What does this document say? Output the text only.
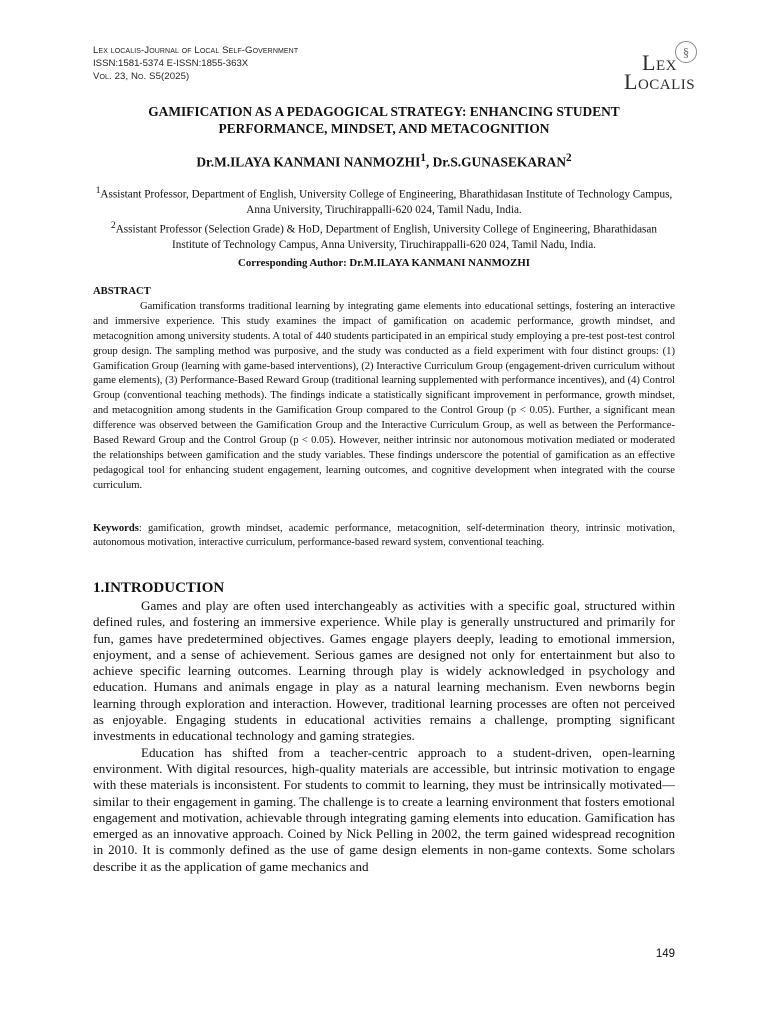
Lex localis-Journal of Local Self-Government
ISSN:1581-5374 E-ISSN:1855-363X
Vol. 23, No. S5(2025)
§
Lex
Localis
GAMIFICATION AS A PEDAGOGICAL STRATEGY: ENHANCING STUDENT PERFORMANCE, MINDSET, AND METACOGNITION
Dr.M.ILAYA KANMANI NANMOZHI$^1$, Dr.S.GUNASEKARAN$^2$
$^1$Assistant Professor, Department of English, University College of Engineering, Bharathidasan Institute of Technology Campus, Anna University, Tiruchirappalli-620 024, Tamil Nadu, India.
$^2$Assistant Professor (Selection Grade) & HoD, Department of English, University College of Engineering, Bharathidasan Institute of Technology Campus, Anna University, Tiruchirappalli-620 024, Tamil Nadu, India.
Corresponding Author: Dr.M.ILAYA KANMANI NANMOZHI
ABSTRACT

Gamification transforms traditional learning by integrating game elements into educational settings, fostering an interactive and immersive experience. This study examines the impact of gamification on academic performance, growth mindset, and metacognition among university students. A total of 440 students participated in an empirical study employing a pre-test post-test control group design. The sampling method was purposive, and the study was conducted as a field experiment with four distinct groups: (1) Gamification Group (learning with game-based interventions), (2) Interactive Curriculum Group (engagement-driven curriculum without game elements), (3) Performance-Based Reward Group (traditional learning supplemented with performance incentives), and (4) Control Group (conventional teaching methods). The findings indicate a statistically significant improvement in performance, growth mindset, and metacognition among students in the Gamification Group compared to the Control Group (p < 0.05). Further, a significant mean difference was observed between the Gamification Group and the Interactive Curriculum Group, as well as between the Performance-Based Reward Group and the Control Group (p < 0.05). However, neither intrinsic nor autonomous motivation mediated or moderated the relationships between gamification and the study variables. These findings underscore the potential of gamification as an effective pedagogical tool for enhancing student engagement, learning outcomes, and cognitive development when integrated with the course curriculum.

Keywords: gamification, growth mindset, academic performance, metacognition, self-determination theory, intrinsic motivation, autonomous motivation, interactive curriculum, performance-based reward system, conventional teaching.

1.INTRODUCTION

Games and play are often used interchangeably as activities with a specific goal, structured within defined rules, and fostering an immersive experience. While play is generally unstructured and primarily for fun, games have predetermined objectives. Games engage players deeply, leading to emotional immersion, enjoyment, and a sense of achievement. Serious games are designed not only for entertainment but also to achieve specific learning outcomes. Learning through play is widely acknowledged in psychology and education. Humans and animals engage in play as a natural learning mechanism. Even newborns begin learning through exploration and interaction. However, traditional learning processes are often not perceived as enjoyable. Engaging students in educational activities remains a challenge, prompting significant investments in educational technology and gaming strategies.

Education has shifted from a teacher-centric approach to a student-driven, open-learning environment. With digital resources, high-quality materials are accessible, but intrinsic motivation to engage with these materials is inconsistent. For students to commit to learning, they must be intrinsically motivated—similar to their engagement in gaming. The challenge is to create a learning environment that fosters emotional engagement and motivation, achievable through integrating gaming elements into education. Gamification has emerged as an innovative approach. Coined by Nick Pelling in 2002, the term gained widespread recognition in 2010. It is commonly defined as the use of game design elements in non-game contexts. Some scholars describe it as the application of game mechanics and

149
